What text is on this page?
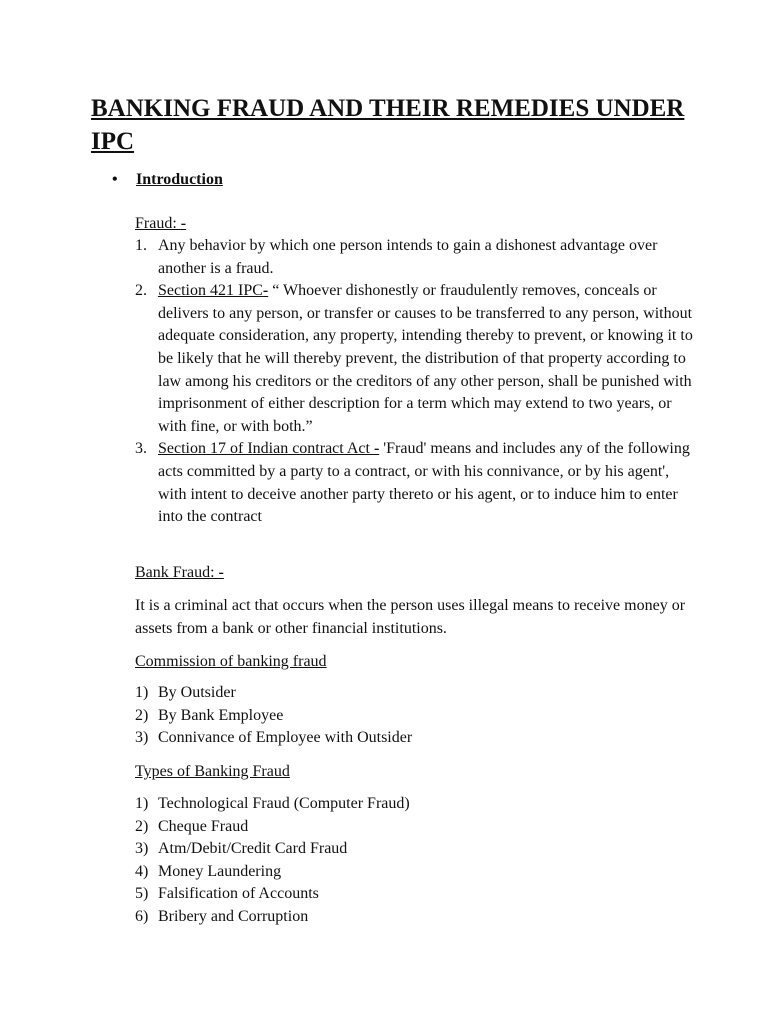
BANKING FRAUD AND THEIR REMEDIES UNDER IPC
• Introduction
Fraud: -
1. Any behavior by which one person intends to gain a dishonest advantage over another is a fraud.
2. Section 421 IPC- “ Whoever dishonestly or fraudulently removes, conceals or delivers to any person, or transfer or causes to be transferred to any person, without adequate consideration, any property, intending thereby to prevent, or knowing it to be likely that he will thereby prevent, the distribution of that property according to law among his creditors or the creditors of any other person, shall be punished with imprisonment of either description for a term which may extend to two years, or with fine, or with both.”
3. Section 17 of Indian contract Act - 'Fraud' means and includes any of the following acts committed by a party to a contract, or with his connivance, or by his agent', with intent to deceive another party thereto or his agent, or to induce him to enter into the contract
Bank Fraud: -

It is a criminal act that occurs when the person uses illegal means to receive money or assets from a bank or other financial institutions.

Commission of banking fraud
1) By Outsider
2) By Bank Employee
3) Connivance of Employee with Outsider
Types of Banking Fraud
1) Technological Fraud (Computer Fraud)
2) Cheque Fraud
3) Atm/Debit/Credit Card Fraud
4) Money Laundering
5) Falsification of Accounts
6) Bribery and Corruption
